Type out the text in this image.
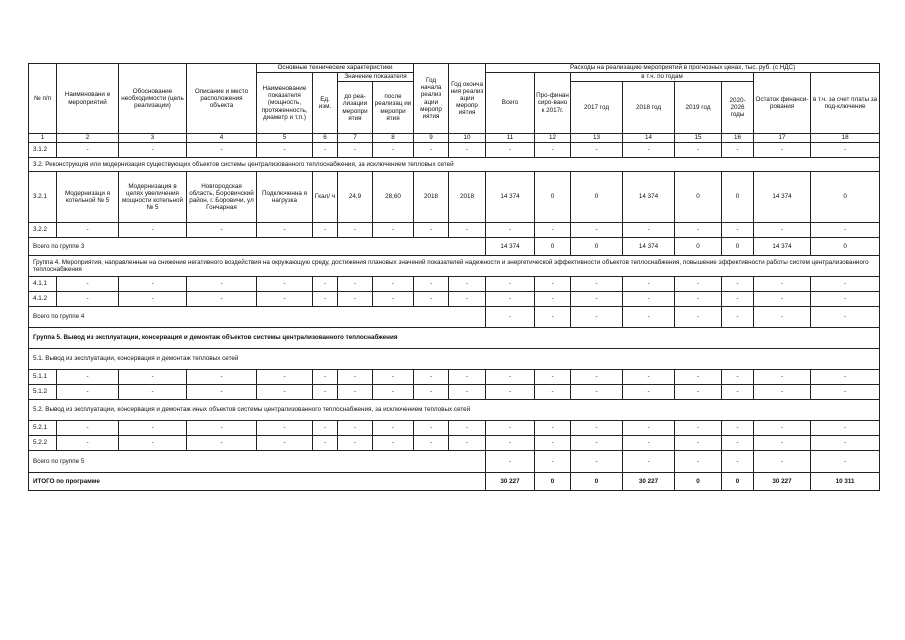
№ п/п	Наименовани е мероприятий	Обоснование необходимости (цель реализации)	Описание и место расположения объекта	Основные технические характеристики				Год начала реализ ации меропр иятия	Год оконча ния реализ ации меропр иятия	Расходы на реализацию мероприятий в прогнозных ценах, тыс. руб. (с НДС)							
				Наименование показателя (мощность, протяженность, диаметр и т.п.)	Ед. изм.	Значение показателя				Всего	Про-финан сиро-вано к 2017г.	в т.ч. по годам				Остаток финанси-рования	в т.ч. за счет платы за под-ключение
						до реа-лизации меропри ятия	после реализац ии меропри ятия					2017 год	2018 год	2019 год	2020-2026 годы		
1	2	3	4	5	6	7	8	9	10	11	12	13	14	15	16	17	18
3.1.2	-	-	-	-	-	-	-	-	-	-	-	-	-	-	-	-	-
3.2. Реконструкция или модернизация существующих объектов системы централизованного теплоснабжения, за исключением тепловых сетей																	
3.2.1	Модернизаци я котельной № 5	Модернизация в целях увеличения мощности котельной № 5	Новгородская область, Боровичский район, г. Боровичи, ул Гончарная	Подключенна я нагрузка	Гкал/ ч	24,9	28,60	2018	2018	14 374	0	0	14 374	0	0	14 374	0
3.2.2	-	-	-	-	-	-	-	-	-	-	-	-	-	-	-	-	-
Всего по группе 3										14 374	0	0	14 374	0	0	14 374	0
Группа 4. Мероприятия, направленные на снижение негативного воздействия на окружающую среду, достижения плановых значений показателей надежности и энергетической эффективности объектов теплоснабжения, повышение эффективности работы систем централизованного теплоснабжения																	
4.1.1	-	-	-	-	-	-	-	-	-	-	-	-	-	-	-	-	-
4.1.2	-	-	-	-	-	-	-	-	-	-	-	-	-	-	-	-	-
Всего по группе 4										-	-	-	-	-	-	-	-
Группа 5. Вывод из эксплуатации, консервация и демонтаж объектов системы централизованного теплоснабжения																	
5.1. Вывод из эксплуатации, консервация и демонтаж тепловых сетей																	
5.1.1	-	-	-	-	-	-	-	-	-	-	-	-	-	-	-	-	-
5.1.2	-	-	-	-	-	-	-	-	-	-	-	-	-	-	-	-	-
5.2. Вывод из эксплуатации, консервация и демонтаж иных объектов системы централизованного теплоснабжения, за исключением тепловых сетей																	
5.2.1	-	-	-	-	-	-	-	-	-	-	-	-	-	-	-	-	-
5.2.2	-	-	-	-	-	-	-	-	-	-	-	-	-	-	-	-	-
Всего по группе 5										-	-	-	-	-	-	-	-
ИТОГО по программе										30 227	0	0	30 227	0	0	30 227	10 311
